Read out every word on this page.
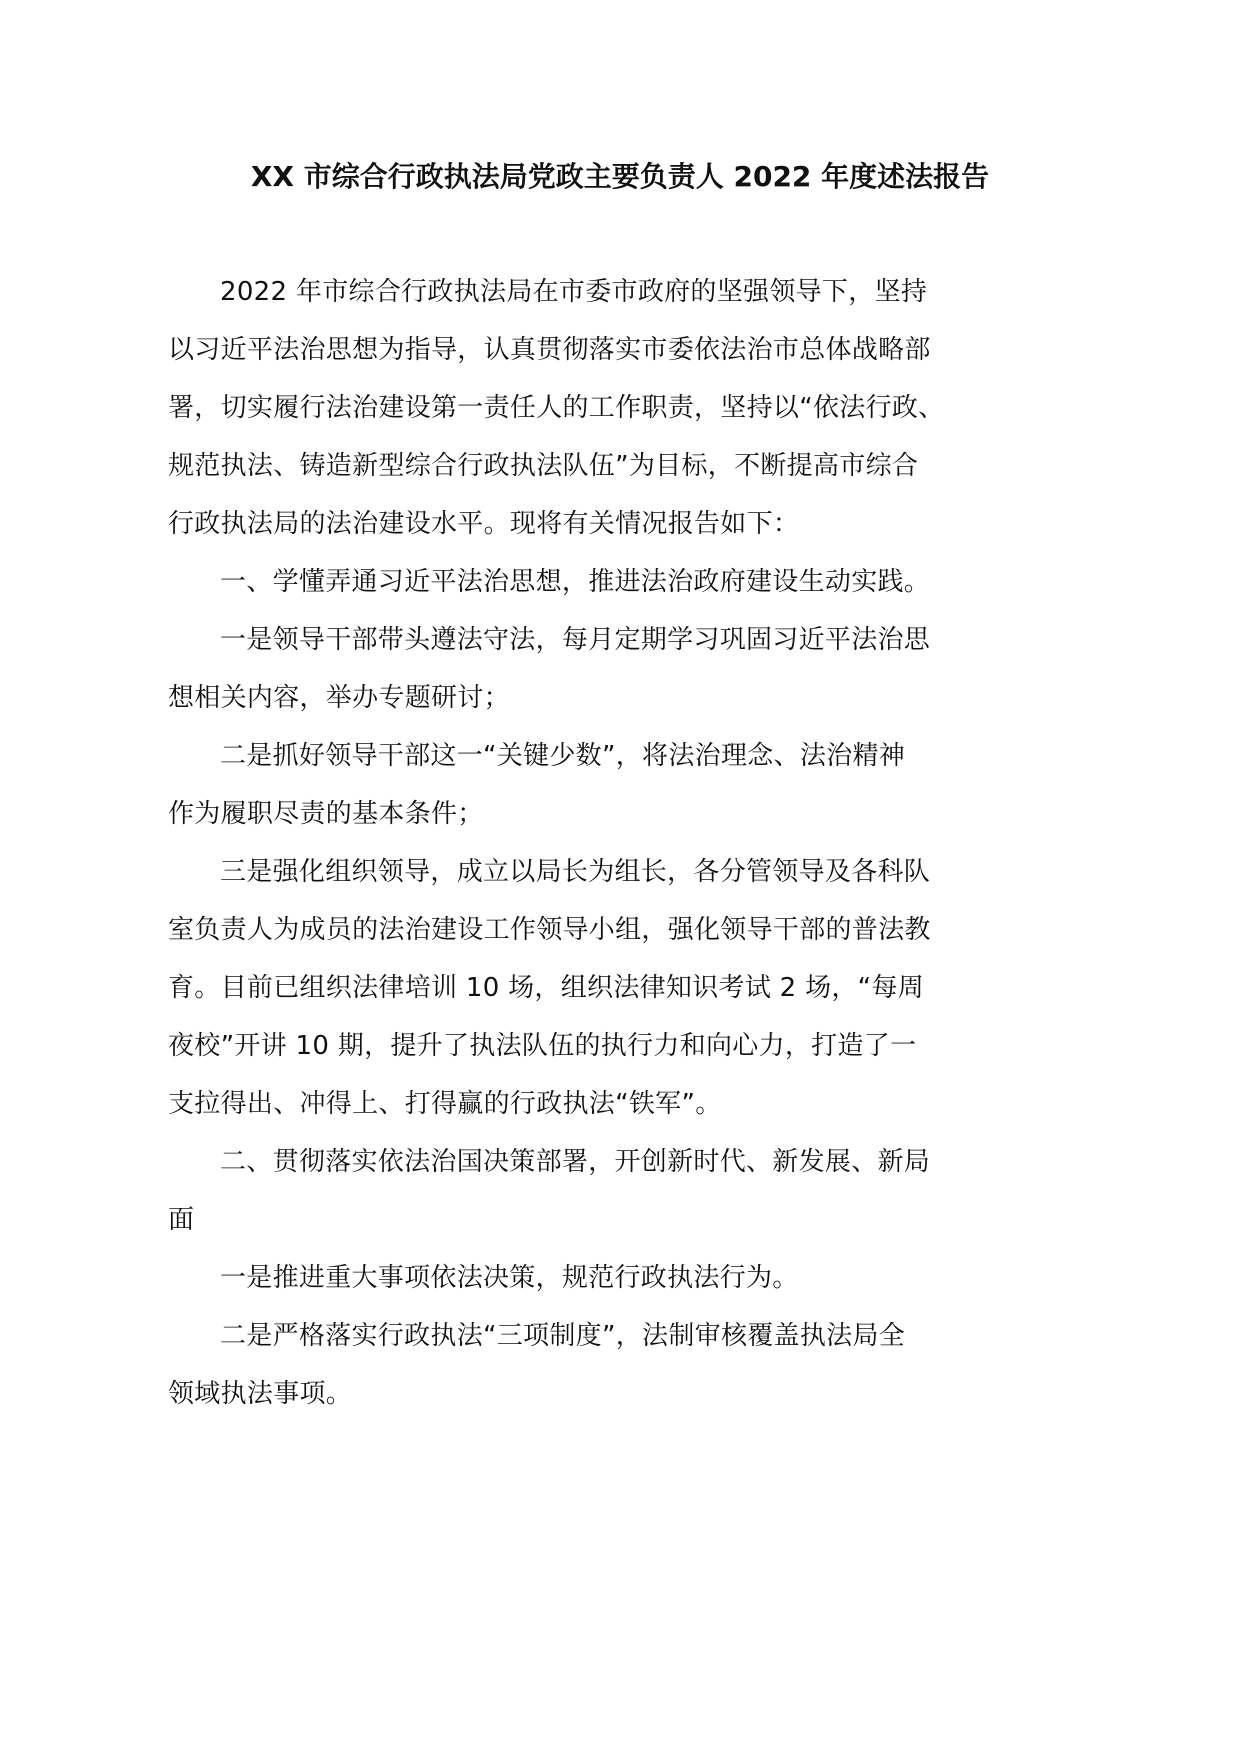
XX 市综合行政执法局党政主要负责人 2022 年度述法报告
2022 年市综合行政执法局在市委市政府的坚强领导下，坚持
以习近平法治思想为指导，认真贯彻落实市委依法治市总体战略部
署，切实履行法治建设第一责任人的工作职责，坚持以“依法行政、
规范执法、铸造新型综合行政执法队伍”为目标，不断提高市综合
行政执法局的法治建设水平。现将有关情况报告如下：
一、学懂弄通习近平法治思想，推进法治政府建设生动实践。
一是领导干部带头遵法守法，每月定期学习巩固习近平法治思
想相关内容，举办专题研讨；
二是抓好领导干部这一“关键少数”，将法治理念、法治精神
作为履职尽责的基本条件；
三是强化组织领导，成立以局长为组长，各分管领导及各科队
室负责人为成员的法治建设工作领导小组，强化领导干部的普法教
育。目前已组织法律培训 10 场，组织法律知识考试 2 场，“每周
夜校”开讲 10 期，提升了执法队伍的执行力和向心力，打造了一
支拉得出、冲得上、打得赢的行政执法“铁军”。
二、贯彻落实依法治国决策部署，开创新时代、新发展、新局
面
一是推进重大事项依法决策，规范行政执法行为。
二是严格落实行政执法“三项制度”，法制审核覆盖执法局全
领域执法事项。
